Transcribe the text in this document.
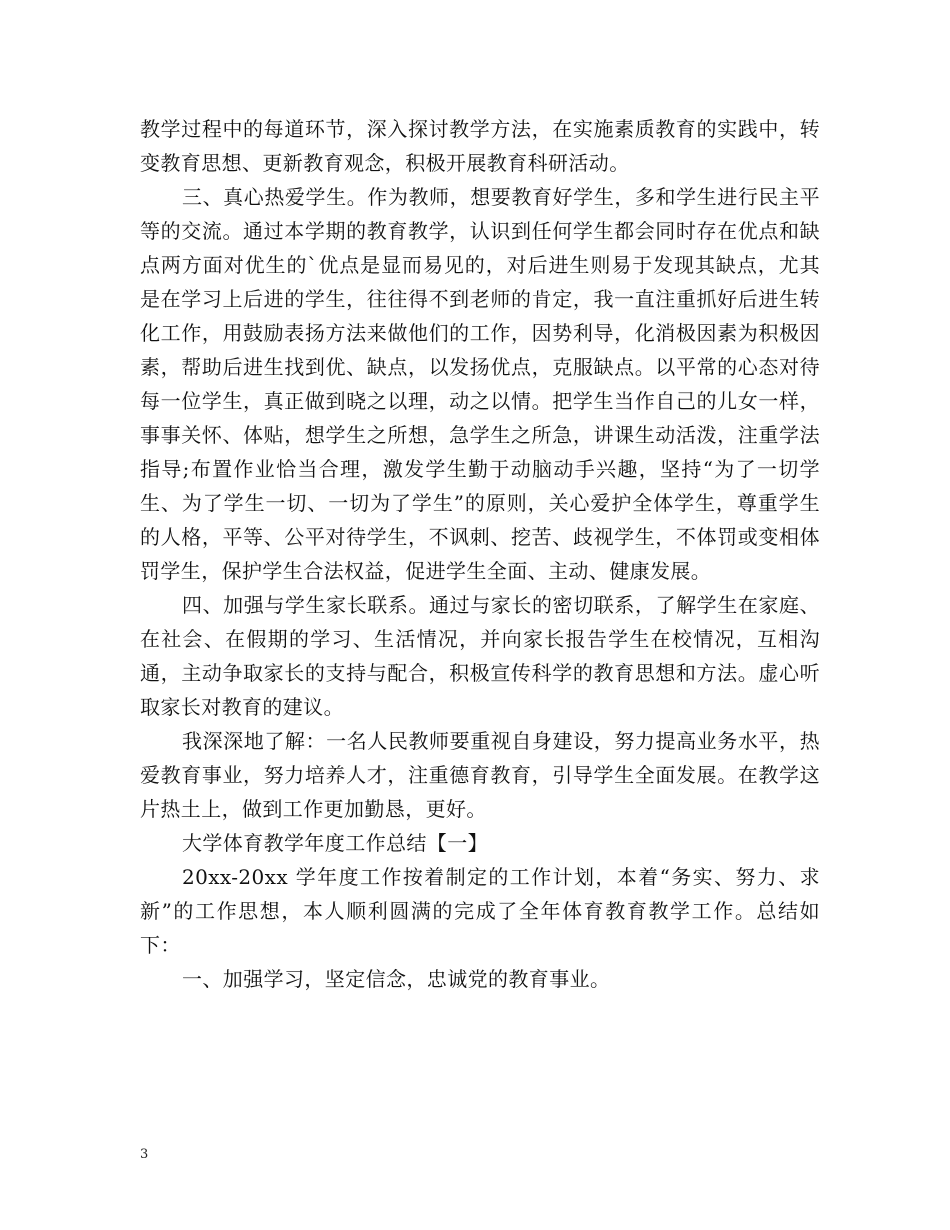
教学过程中的每道环节，深入探讨教学方法，在实施素质教育的实践中，转变教育思想、更新教育观念，积极开展教育科研活动。

三、真心热爱学生。作为教师，想要教育好学生，多和学生进行民主平等的交流。通过本学期的教育教学，认识到任何学生都会同时存在优点和缺点两方面对优生的`优点是显而易见的，对后进生则易于发现其缺点，尤其是在学习上后进的学生，往往得不到老师的肯定，我一直注重抓好后进生转化工作，用鼓励表扬方法来做他们的工作，因势利导，化消极因素为积极因素，帮助后进生找到优、缺点，以发扬优点，克服缺点。以平常的心态对待每一位学生，真正做到晓之以理，动之以情。把学生当作自己的儿女一样，事事关怀、体贴，想学生之所想，急学生之所急，讲课生动活泼，注重学法指导;布置作业恰当合理，激发学生勤于动脑动手兴趣，坚持“为了一切学生、为了学生一切、一切为了学生”的原则，关心爱护全体学生，尊重学生的人格，平等、公平对待学生，不讽刺、挖苦、歧视学生，不体罚或变相体罚学生，保护学生合法权益，促进学生全面、主动、健康发展。

四、加强与学生家长联系。通过与家长的密切联系，了解学生在家庭、在社会、在假期的学习、生活情况，并向家长报告学生在校情况，互相沟通，主动争取家长的支持与配合，积极宣传科学的教育思想和方法。虚心听取家长对教育的建议。

我深深地了解：一名人民教师要重视自身建设，努力提高业务水平，热爱教育事业，努力培养人才，注重德育教育，引导学生全面发展。在教学这片热土上，做到工作更加勤恳，更好。

大学体育教学年度工作总结【一】

20xx-20xx 学年度工作按着制定的工作计划，本着“务实、努力、求新”的工作思想，本人顺利圆满的完成了全年体育教育教学工作。总结如下：

一、加强学习，坚定信念，忠诚党的教育事业。

3
